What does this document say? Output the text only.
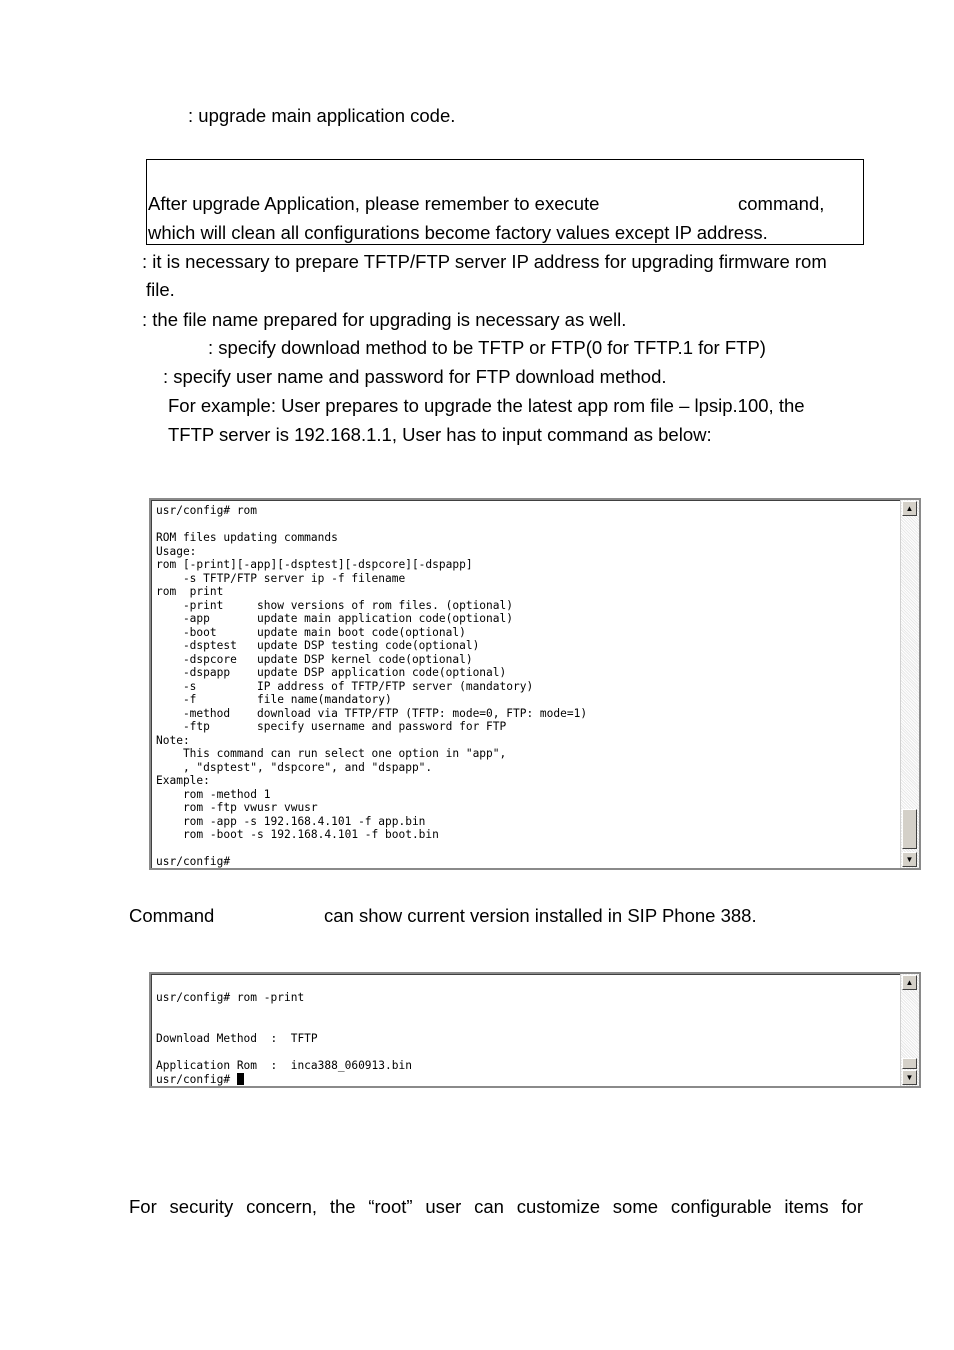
: upgrade main application code.
After upgrade Application, please remember to execute	command,
which will clean all configurations become factory values except IP address.
: it is necessary to prepare TFTP/FTP server IP address for upgrading firmware rom
file.
: the file name prepared for upgrading is necessary as well.
: specify download method to be TFTP or FTP(0 for TFTP.1 for FTP)
: specify user name and password for FTP download method.
For example: User prepares to upgrade the latest app rom file – lpsip.100, the
TFTP server is 192.168.1.1, User has to input command as below:
usr/config# rom

ROM files updating commands
Usage:
rom [-print][-app][-dsptest][-dspcore][-dspapp]
-s TFTP/FTP server ip -f filename
rom  print
-print     show versions of rom files. (optional)
-app       update main application code(optional)
-boot      update main boot code(optional)
-dsptest   update DSP testing code(optional)
-dspcore   update DSP kernel code(optional)
-dspapp    update DSP application code(optional)
-s         IP address of TFTP/FTP server (mandatory)
-f         file name(mandatory)
-method    download via TFTP/FTP (TFTP: mode=0, FTP: mode=1)
-ftp       specify username and password for FTP
Note:
This command can run select one option in "app",
, "dsptest", "dspcore", and "dspapp".
Example:
rom -method 1
rom -ftp vwusr vwusr
rom -app -s 192.168.4.101 -f app.bin
rom -boot -s 192.168.4.101 -f boot.bin

usr/config#
▲
▼
Command	can show current version installed in SIP Phone 388.
usr/config# rom -print

Download Method  :  TFTP

Application Rom  :  inca388_060913.bin
usr/config#
▲
▼
For security concern, the “root” user can customize some configurable items for
